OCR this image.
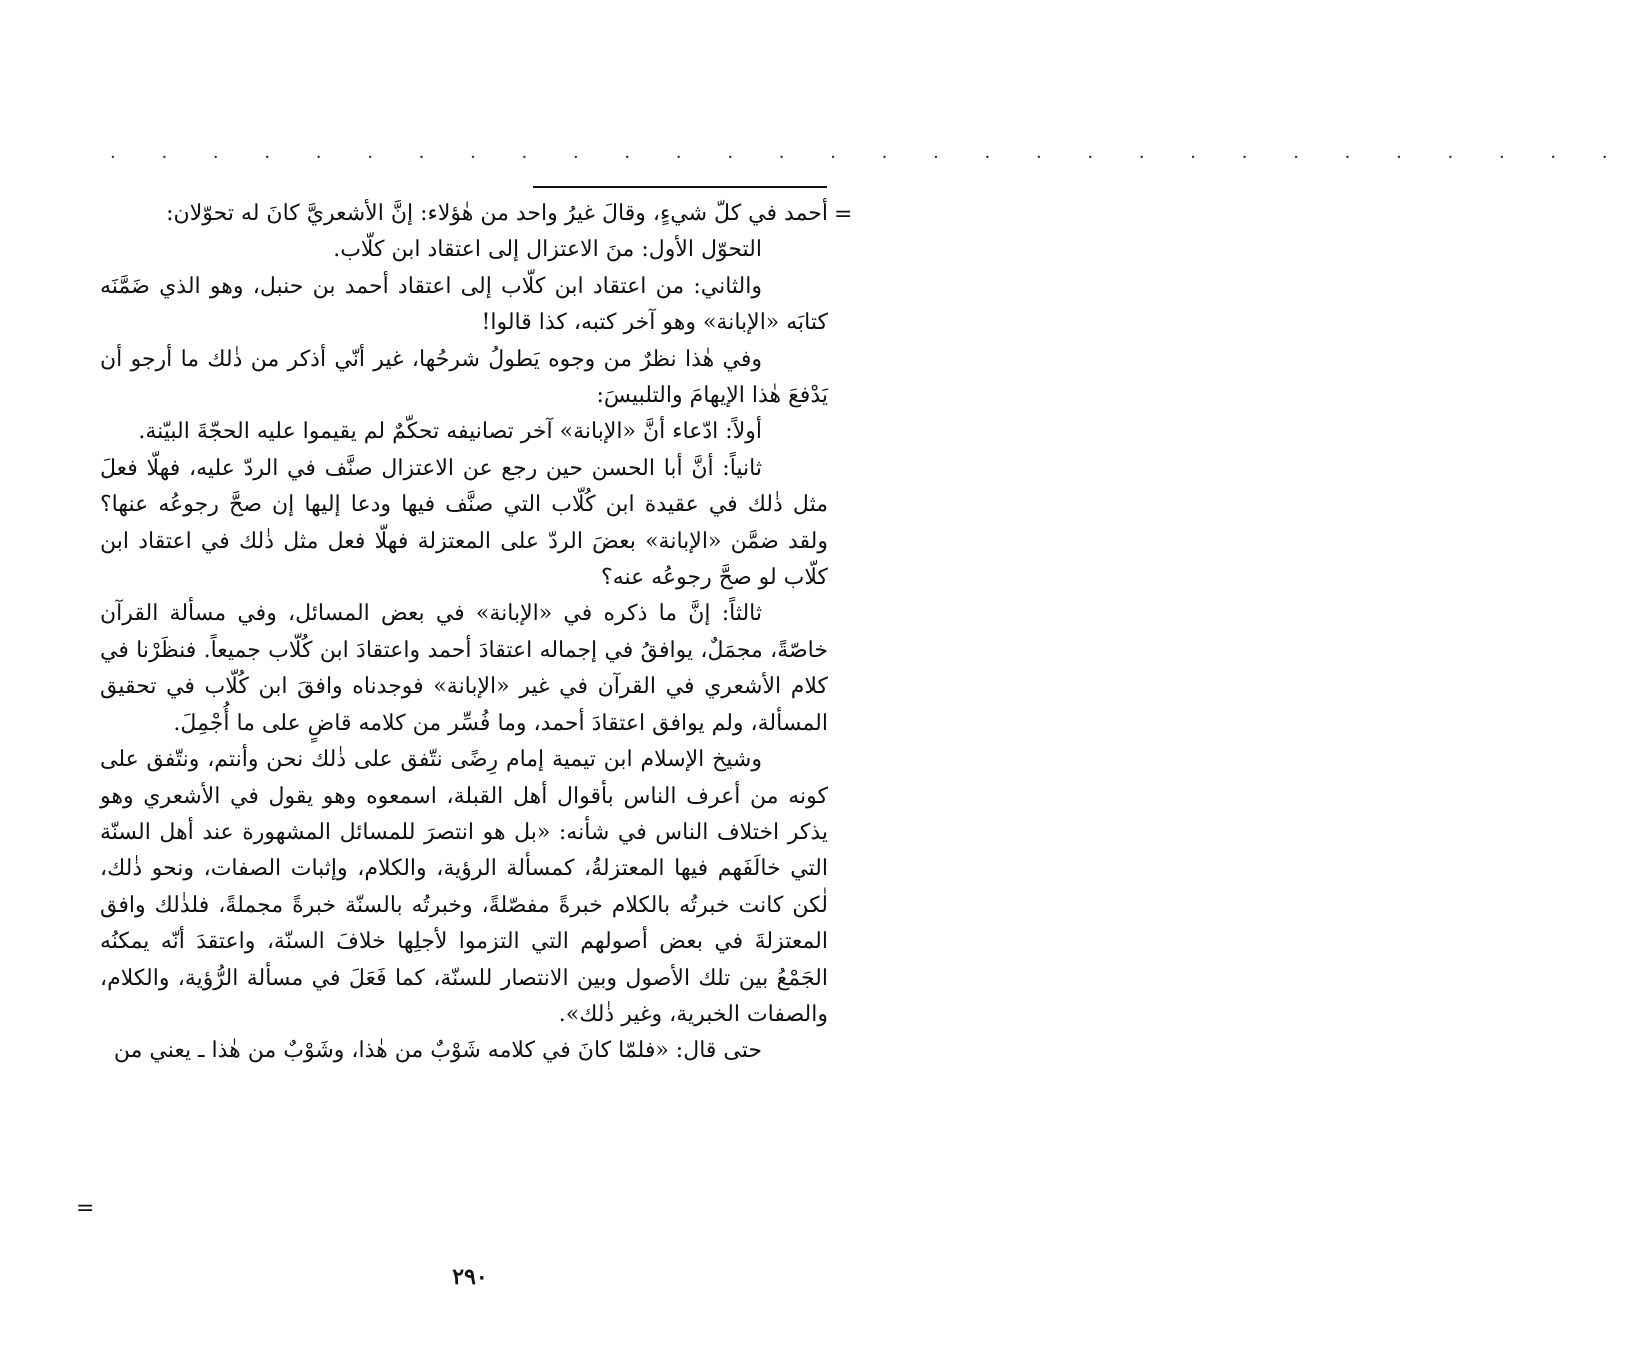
· · · · · · · · · · · · · · · · · · · · · · · · · · · · · ·
=

أحمد في كلّ شيءٍ، وقالَ غيرُ واحد من هٰؤلاء: إنَّ الأشعريَّ كانَ له تحوّلان:

التحوّل الأول: منَ الاعتزال إلى اعتقاد ابن كلّاب.

والثاني: من اعتقاد ابن كلّاب إلى اعتقاد أحمد بن حنبل، وهو الذي ضَمَّنَه كتابَه «الإبانة» وهو آخر كتبه، كذا قالوا!

وفي هٰذا نظرٌ من وجوه يَطولُ شرحُها، غير أنّي أذكر من ذٰلك ما أرجو أن يَدْفعَ هٰذا الإيهامَ والتلبيسَ:

أولاً: ادّعاء أنَّ «الإبانة» آخر تصانيفه تحكّمٌ لم يقيموا عليه الحجّةَ البيّنة.

ثانياً: أنَّ أبا الحسن حين رجع عن الاعتزال صنَّف في الردّ عليه، فهلّا فعلَ مثل ذٰلك في عقيدة ابن كُلّاب التي صنَّف فيها ودعا إليها إن صحَّ رجوعُه عنها؟ ولقد ضمَّن «الإبانة» بعضَ الردّ على المعتزلة فهلّا فعل مثل ذٰلك في اعتقاد ابن كلّاب لو صحَّ رجوعُه عنه؟

ثالثاً: إنَّ ما ذكره في «الإبانة» في بعض المسائل، وفي مسألة القرآن خاصّةً، مجمَلٌ، يوافقُ في إجماله اعتقادَ أحمد واعتقادَ ابن كُلّاب جميعاً. فنظَرْنا في كلام الأشعري في القرآن في غير «الإبانة» فوجدناه وافقَ ابن كُلّاب في تحقيق المسألة، ولم يوافق اعتقادَ أحمد، وما فُسِّر من كلامه قاضٍ على ما أُجْمِلَ.

وشيخ الإسلام ابن تيمية إمام رِضًى نتّفق على ذٰلك نحن وأنتم، ونتّفق على كونه من أعرف الناس بأقوال أهل القبلة، اسمعوه وهو يقول في الأشعري وهو يذكر اختلاف الناس في شأنه: «بل هو انتصرَ للمسائل المشهورة عند أهل السنّة التي خالَفَهم فيها المعتزلةُ، كمسألة الرؤية، والكلام، وإثبات الصفات، ونحو ذٰلك، لٰكن كانت خبرتُه بالكلام خبرةً مفصّلةً، وخبرتُه بالسنّة خبرةً مجملةً، فلذٰلك وافق المعتزلةَ في بعض أصولهم التي التزموا لأجلِها خلافَ السنّة، واعتقدَ أنّه يمكنُه الجَمْعُ بين تلك الأصول وبين الانتصار للسنّة، كما فَعَلَ في مسألة الرُّؤية، والكلام، والصفات الخبرية، وغير ذٰلك».

حتى قال: «فلمّا كانَ في كلامه شَوْبٌ من هٰذا، وشَوْبٌ من هٰذا ـ يعني من

=
٢٩٠
